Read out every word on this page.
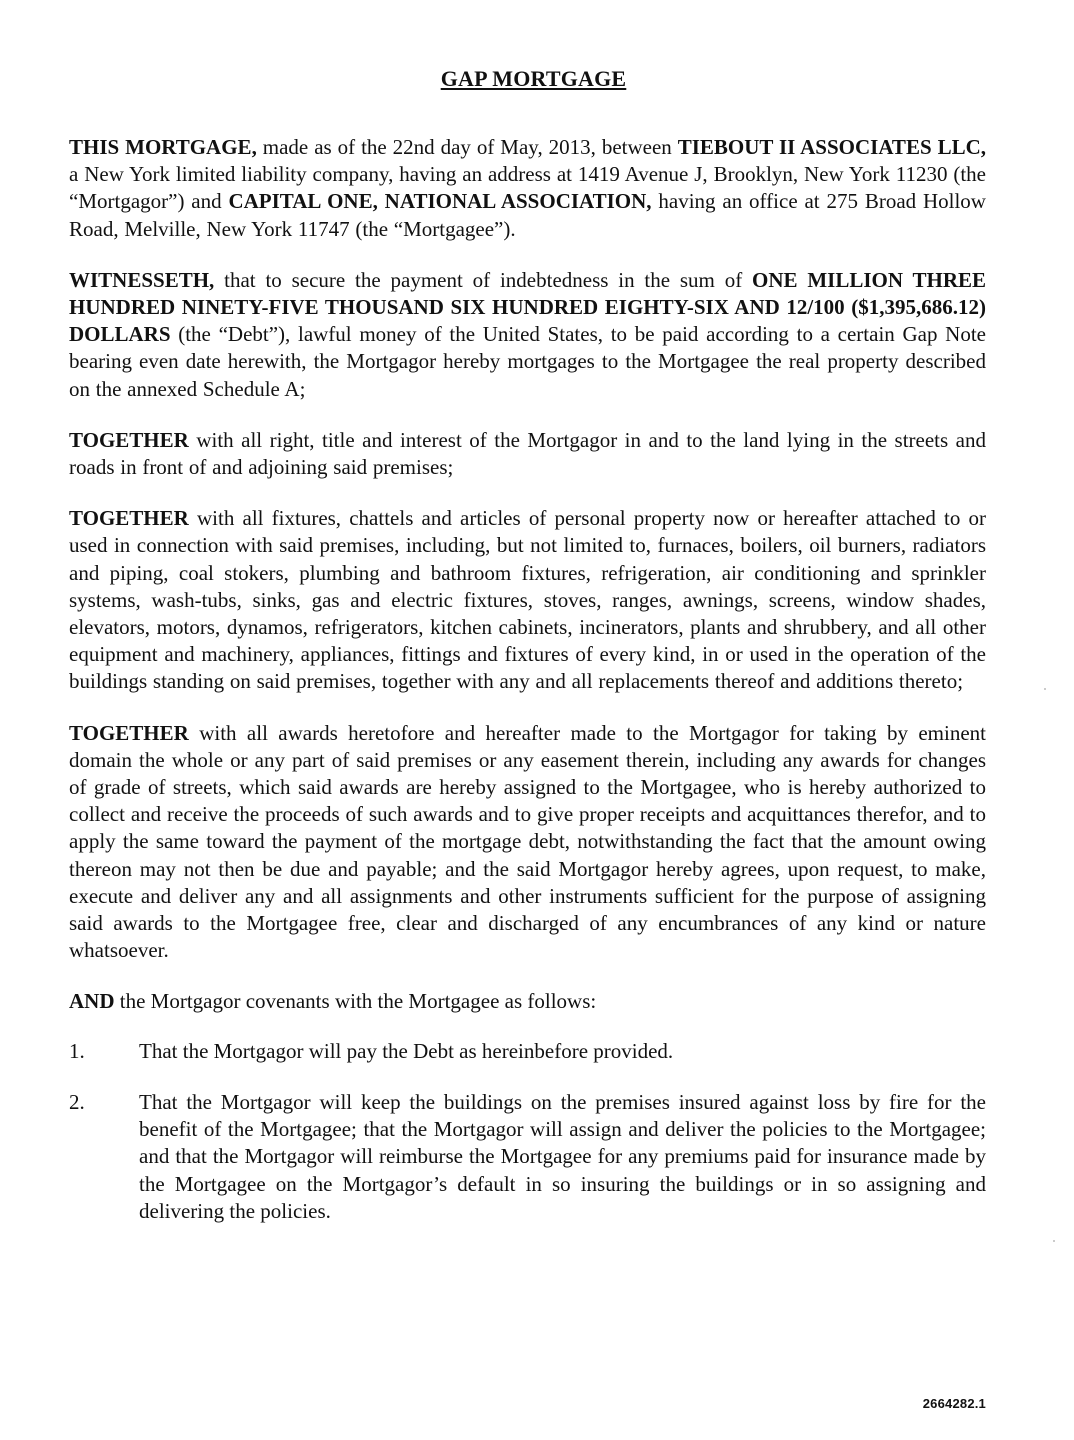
GAP MORTGAGE

THIS MORTGAGE, made as of the 22nd day of May, 2013, between TIEBOUT II ASSOCIATES LLC, a New York limited liability company, having an address at 1419 Avenue J, Brooklyn, New York 11230 (the “Mortgagor”) and CAPITAL ONE, NATIONAL ASSOCIATION, having an office at 275 Broad Hollow Road, Melville, New York 11747 (the “Mortgagee”).

WITNESSETH, that to secure the payment of indebtedness in the sum of ONE MILLION THREE HUNDRED NINETY-FIVE THOUSAND SIX HUNDRED EIGHTY-SIX AND 12/100 ($1,395,686.12) DOLLARS (the “Debt”), lawful money of the United States, to be paid according to a certain Gap Note bearing even date herewith, the Mortgagor hereby mortgages to the Mortgagee the real property described on the annexed Schedule A;

TOGETHER with all right, title and interest of the Mortgagor in and to the land lying in the streets and roads in front of and adjoining said premises;

TOGETHER with all fixtures, chattels and articles of personal property now or hereafter attached to or used in connection with said premises, including, but not limited to, furnaces, boilers, oil burners, radiators and piping, coal stokers, plumbing and bathroom fixtures, refrigeration, air conditioning and sprinkler systems, wash-tubs, sinks, gas and electric fixtures, stoves, ranges, awnings, screens, window shades, elevators, motors, dynamos, refrigerators, kitchen cabinets, incinerators, plants and shrubbery, and all other equipment and machinery, appliances, fittings and fixtures of every kind, in or used in the operation of the buildings standing on said premises, together with any and all replacements thereof and additions thereto;

TOGETHER with all awards heretofore and hereafter made to the Mortgagor for taking by eminent domain the whole or any part of said premises or any easement therein, including any awards for changes of grade of streets, which said awards are hereby assigned to the Mortgagee, who is hereby authorized to collect and receive the proceeds of such awards and to give proper receipts and acquittances therefor, and to apply the same toward the payment of the mortgage debt, notwithstanding the fact that the amount owing thereon may not then be due and payable; and the said Mortgagor hereby agrees, upon request, to make, execute and deliver any and all assignments and other instruments sufficient for the purpose of assigning said awards to the Mortgagee free, clear and discharged of any encumbrances of any kind or nature whatsoever.

AND the Mortgagor covenants with the Mortgagee as follows:

1.	That the Mortgagor will pay the Debt as hereinbefore provided.
2.	That the Mortgagor will keep the buildings on the premises insured against loss by fire for the benefit of the Mortgagee; that the Mortgagor will assign and deliver the policies to the Mortgagee; and that the Mortgagor will reimburse the Mortgagee for any premiums paid for insurance made by the Mortgagee on the Mortgagor’s default in so insuring the buildings or in so assigning and delivering the policies.
2664282.1
